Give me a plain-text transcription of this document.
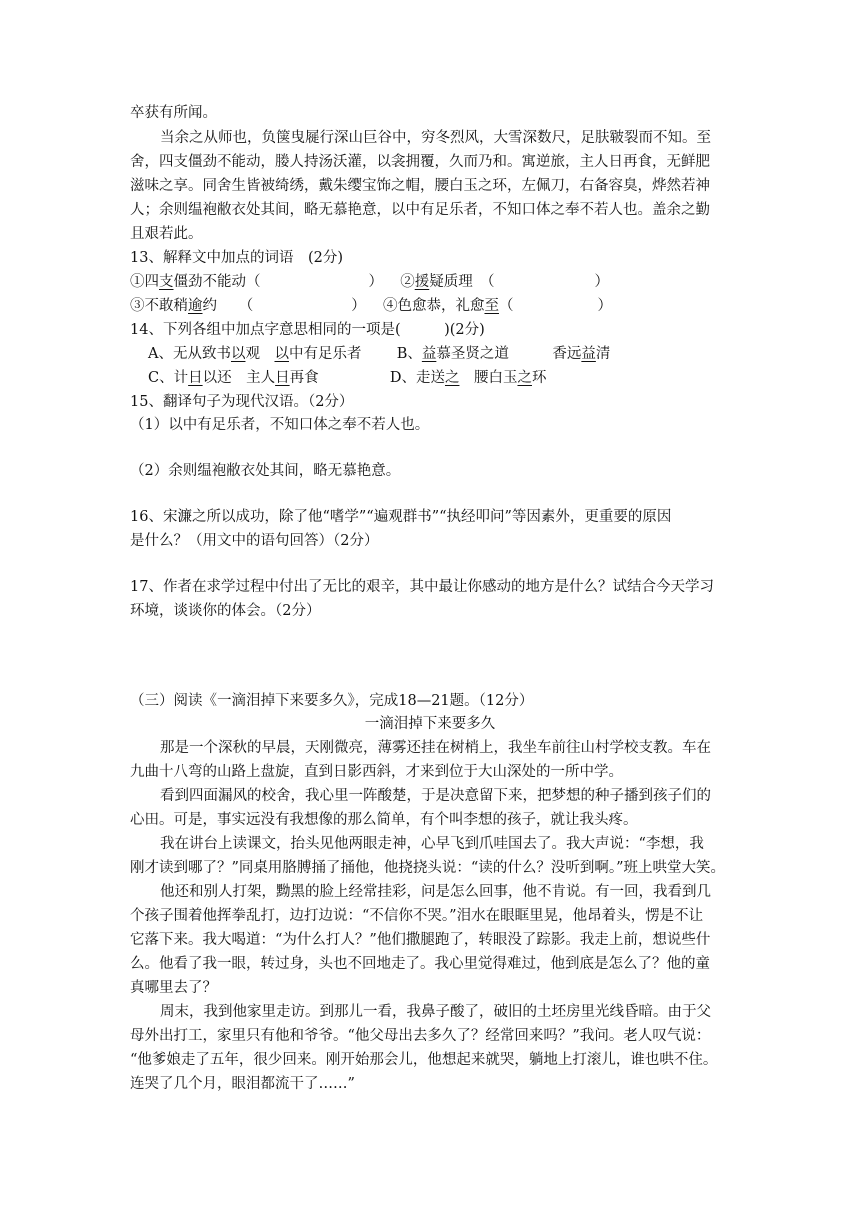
卒获有所闻。
当余之从师也，负箧曳屣行深山巨谷中，穷冬烈风，大雪深数尺，足肤皲裂而不知。至
舍，四支僵劲不能动，媵人持汤沃灌，以衾拥覆，久而乃和。寓逆旅，主人日再食，无鲜肥
滋味之享。同舍生皆被绮绣，戴朱缨宝饰之帽，腰白玉之环，左佩刀，右备容臭，烨然若神
人；余则缊袍敝衣处其间，略无慕艳意，以中有足乐者，不知口体之奉不若人也。盖余之勤
且艰若此。
13、解释文中加点的词语　(2分)
①四支僵劲不能动（	） ②援疑质理　（	）
③不敢稍逾约　　（	） ④色愈恭，礼愈至（	）
14、下列各组中加点字意思相同的一项是(　　　)(2分)
A、无从致书以观　以中有足乐者 B、益慕圣贤之道　　　香远益清
C、计日以还　主人日再食	D、走送之　腰白玉之环
15、翻译句子为现代汉语。（2分）
（1）以中有足乐者，不知口体之奉不若人也。
（2）余则缊袍敝衣处其间，略无慕艳意。
16、宋濂之所以成功，除了他“嗜学”“遍观群书”“执经叩问”等因素外，更重要的原因
是什么？（用文中的语句回答）（2分）
17、作者在求学过程中付出了无比的艰辛，其中最让你感动的地方是什么？试结合今天学习
环境，谈谈你的体会。（2分）
（三）阅读《一滴泪掉下来要多久》，完成18—21题。（12分）
一滴泪掉下来要多久
那是一个深秋的早晨，天刚微亮，薄雾还挂在树梢上，我坐车前往山村学校支教。车在
九曲十八弯的山路上盘旋，直到日影西斜，才来到位于大山深处的一所中学。
看到四面漏风的校舍，我心里一阵酸楚，于是决意留下来，把梦想的种子播到孩子们的
心田。可是，事实远没有我想像的那么简单，有个叫李想的孩子，就让我头疼。
我在讲台上读课文，抬头见他两眼走神，心早飞到爪哇国去了。我大声说：“李想，我
刚才读到哪了？”同桌用胳膊捅了捅他，他挠挠头说：“读的什么？没听到啊。”班上哄堂大笑。
他还和别人打架，黝黑的脸上经常挂彩，问是怎么回事，他不肯说。有一回，我看到几
个孩子围着他挥拳乱打，边打边说：“不信你不哭。”泪水在眼眶里晃，他昂着头，愣是不让
它落下来。我大喝道：“为什么打人？”他们撒腿跑了，转眼没了踪影。我走上前，想说些什
么。他看了我一眼，转过身，头也不回地走了。我心里觉得难过，他到底是怎么了？他的童
真哪里去了？
周末，我到他家里走访。到那儿一看，我鼻子酸了，破旧的土坯房里光线昏暗。由于父
母外出打工，家里只有他和爷爷。“他父母出去多久了？经常回来吗？”我问。老人叹气说：
“他爹娘走了五年，很少回来。刚开始那会儿，他想起来就哭，躺地上打滚儿，谁也哄不住。
连哭了几个月，眼泪都流干了……”
